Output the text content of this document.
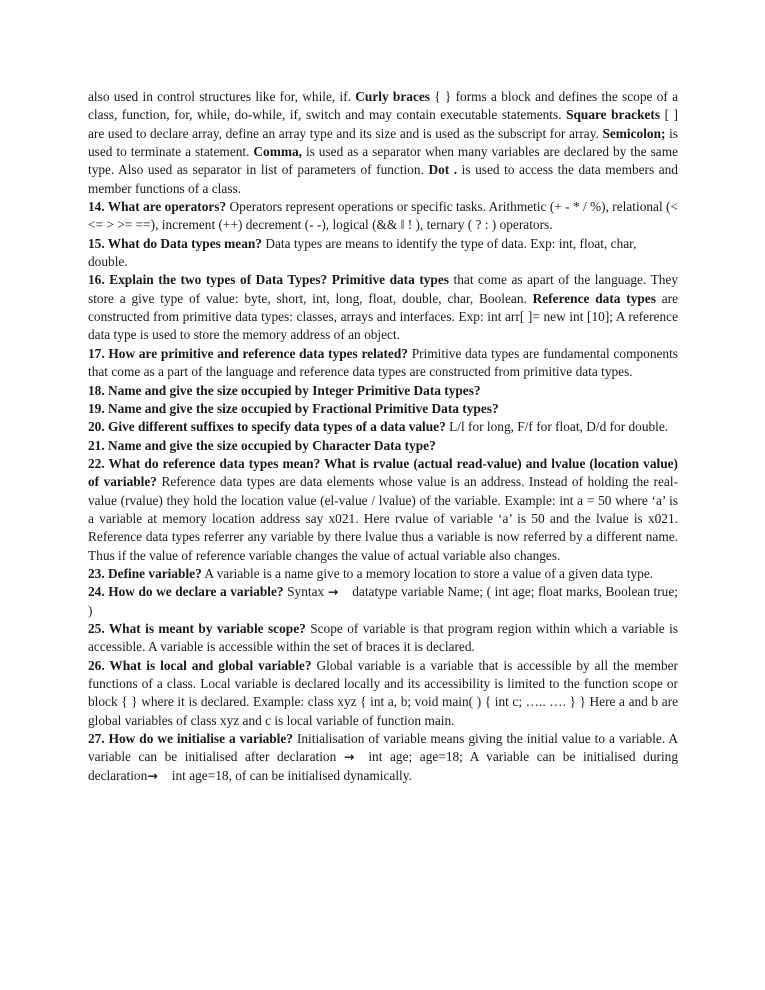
also used in control structures like for, while, if. Curly braces { } forms a block and defines the scope of a class, function, for, while, do-while, if, switch and may contain executable statements. Square brackets [ ] are used to declare array, define an array type and its size and is used as the subscript for array. Semicolon; is used to terminate a statement. Comma, is used as a separator when many variables are declared by the same type. Also used as separator in list of parameters of function. Dot . is used to access the data members and member functions of a class.

14. What are operators? Operators represent operations or specific tasks. Arithmetic (+ - * / %), relational (< <= > >= ==), increment (++) decrement (- -), logical (&& ‖ ! ), ternary ( ? : ) operators.

15. What do Data types mean? Data types are means to identify the type of data. Exp: int, float, char, double.

16. Explain the two types of Data Types? Primitive data types that come as apart of the language. They store a give type of value: byte, short, int, long, float, double, char, Boolean. Reference data types are constructed from primitive data types: classes, arrays and interfaces. Exp: int arr[ ]= new int [10]; A reference data type is used to store the memory address of an object.

17. How are primitive and reference data types related? Primitive data types are fundamental components that come as a part of the language and reference data types are constructed from primitive data types.

18. Name and give the size occupied by Integer Primitive Data types?

19. Name and give the size occupied by Fractional Primitive Data types?

20. Give different suffixes to specify data types of a data value? L/l for long, F/f for float, D/d for double.

21. Name and give the size occupied by Character Data type?

22. What do reference data types mean? What is rvalue (actual read-value) and lvalue (location value) of variable? Reference data types are data elements whose value is an address. Instead of holding the real-value (rvalue) they hold the location value (el-value / lvalue) of the variable. Example: int a = 50 where ‘a’ is a variable at memory location address say x021. Here rvalue of variable ‘a’ is 50 and the lvalue is x021. Reference data types referrer any variable by there lvalue thus a variable is now referred by a different name. Thus if the value of reference variable changes the value of actual variable also changes.

23. Define variable? A variable is a name give to a memory location to store a value of a given data type.

24. How do we declare a variable? Syntax → datatype variable Name; ( int age; float marks, Boolean true; )

25. What is meant by variable scope? Scope of variable is that program region within which a variable is accessible. A variable is accessible within the set of braces it is declared.

26. What is local and global variable? Global variable is a variable that is accessible by all the member functions of a class. Local variable is declared locally and its accessibility is limited to the function scope or block { } where it is declared. Example: class xyz { int a, b; void main( ) { int c; ….. …. } } Here a and b are global variables of class xyz and c is local variable of function main.

27. How do we initialise a variable? Initialisation of variable means giving the initial value to a variable. A variable can be initialised after declaration → int age; age=18; A variable can be initialised during declaration→ int age=18, of can be initialised dynamically.
